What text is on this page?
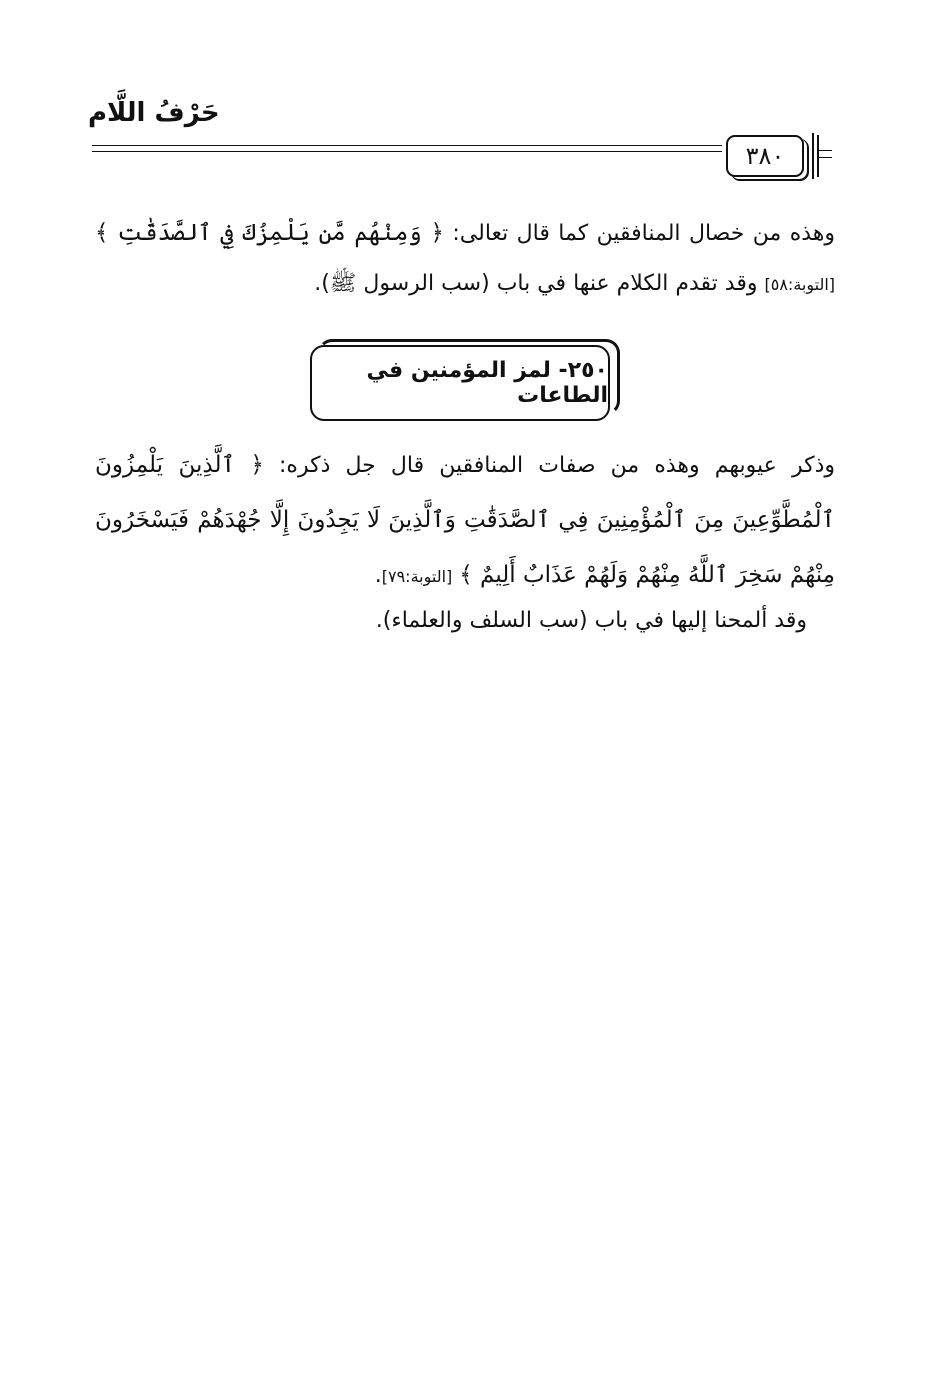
حَرْفُ اللَّام
٣٨٠
وهذه من خصال المنافقين كما قال تعالى: ﴿ وَمِنْهُم مَّن يَلْمِزُكَ فِي ٱلصَّدَقَٰتِ ﴾ [التوبة:٥٨] وقد تقدم الكلام عنها في باب (سب الرسول ﷺ).
٢٥٠- لمز المؤمنين في الطاعات
وذكر عيوبهم وهذه من صفات المنافقين قال جل ذكره: ﴿ ٱلَّذِينَ يَلْمِزُونَ ٱلْمُطَّوِّعِينَ مِنَ ٱلْمُؤْمِنِينَ فِي ٱلصَّدَقَٰتِ وَٱلَّذِينَ لَا يَجِدُونَ إِلَّا جُهْدَهُمْ فَيَسْخَرُونَ مِنْهُمْ سَخِرَ ٱللَّهُ مِنْهُمْ وَلَهُمْ عَذَابٌ أَلِيمٌ ﴾ [التوبة:٧٩].
وقد ألمحنا إليها في باب (سب السلف والعلماء).
